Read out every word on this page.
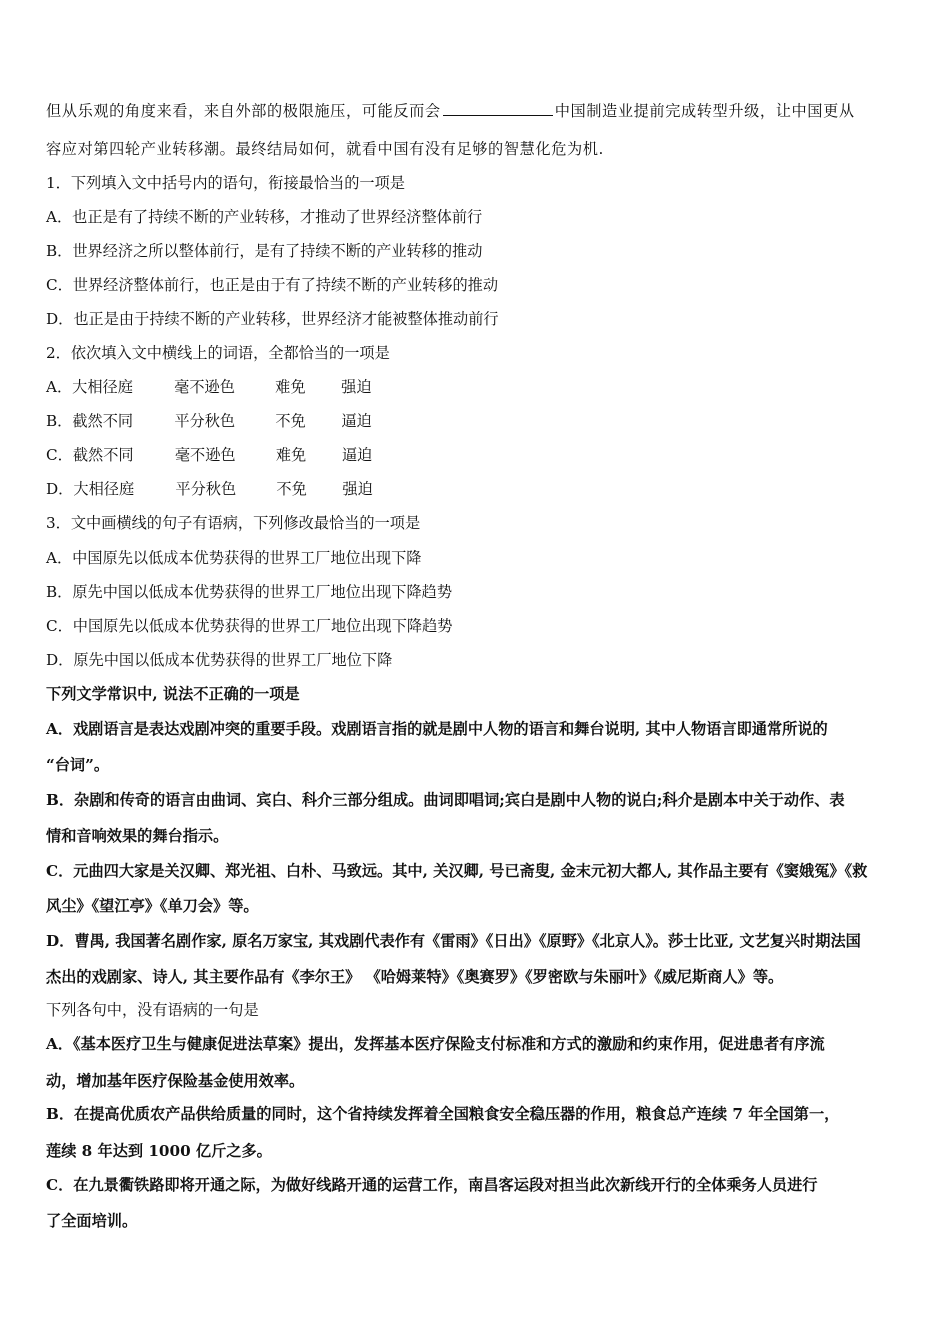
但从乐观的角度来看，来自外部的极限施压，可能反而会	中国制造业提前完成转型升级，让中国更从
容应对第四轮产业转移潮。最终结局如何，就看中国有没有足够的智慧化危为机.
1．下列填入文中括号内的语句，衔接最恰当的一项是
A．也正是有了持续不断的产业转移，才推动了世界经济整体前行
B．世界经济之所以整体前行，是有了持续不断的产业转移的推动
C．世界经济整体前行，也正是由于有了持续不断的产业转移的推动
D．也正是由于持续不断的产业转移，世界经济才能被整体推动前行
2．依次填入文中横线上的词语，全都恰当的一项是
A．大相径庭	毫不逊色	难免 强迫
B．截然不同	平分秋色	不免 逼迫
C．截然不同	毫不逊色	难免 逼迫
D．大相径庭	平分秋色	不免 强迫
3．文中画横线的句子有语病，下列修改最恰当的一项是
A．中国原先以低成本优势获得的世界工厂地位出现下降
B．原先中国以低成本优势获得的世界工厂地位出现下降趋势
C．中国原先以低成本优势获得的世界工厂地位出现下降趋势
D．原先中国以低成本优势获得的世界工厂地位下降
下列文学常识中, 说法不正确的一项是
A．戏剧语言是表达戏剧冲突的重要手段。戏剧语言指的就是剧中人物的语言和舞台说明, 其中人物语言即通常所说的
“台词”。
B．杂剧和传奇的语言由曲词、宾白、科介三部分组成。曲词即唱词;宾白是剧中人物的说白;科介是剧本中关于动作、表
情和音响效果的舞台指示。
C．元曲四大家是关汉卿、郑光祖、白朴、马致远。其中, 关汉卿, 号已斋叟, 金末元初大都人, 其作品主要有《窦娥冤》《救
风尘》《望江亭》《单刀会》等。
D．曹禺, 我国著名剧作家, 原名万家宝, 其戏剧代表作有《雷雨》《日出》《原野》《北京人》。莎士比亚, 文艺复兴时期法国
杰出的戏剧家、诗人, 其主要作品有《李尔王》 《哈姆莱特》《奥赛罗》《罗密欧与朱丽叶》《威尼斯商人》等。
下列各句中，没有语病的一句是
A．《基本医疗卫生与健康促进法草案》提出，发挥基本医疗保险支付标准和方式的激励和约束作用，促进患者有序流
动，增加基年医疗保险基金使用效率。
B．在提高优质农产品供给质量的同时，这个省持续发挥着全国粮食安全稳压器的作用，粮食总产连续 7 年全国第一，
莲续 8 年达到 1000 亿斤之多。
C．在九景衢铁路即将开通之际，为做好线路开通的运营工作，南昌客运段对担当此次新线开行的全体乘务人员进行
了全面培训。
